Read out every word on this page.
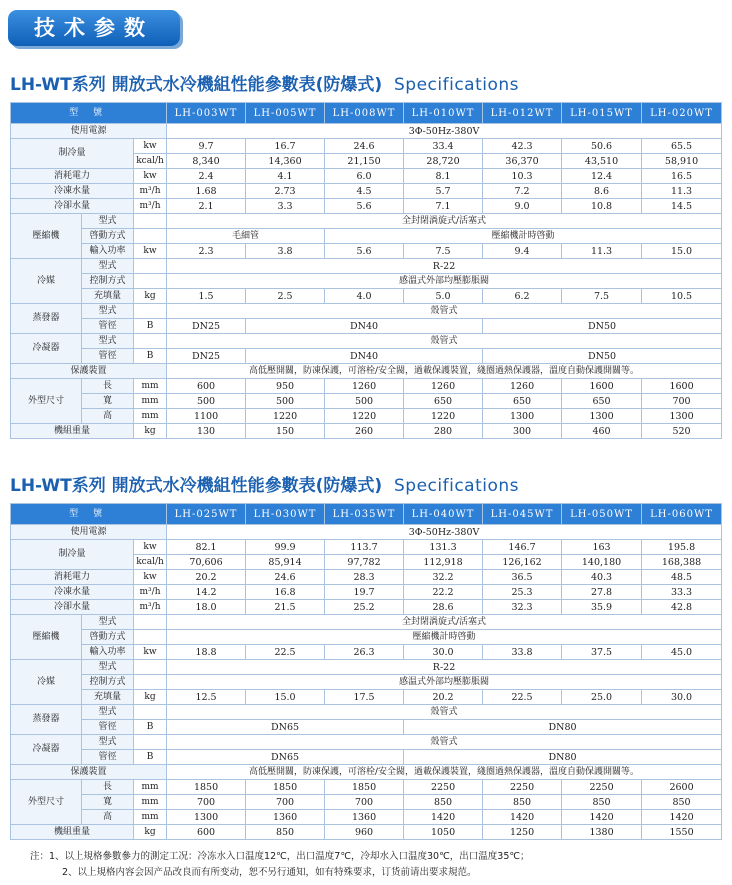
技术参数
LH-WT系列 開放式水冷機組性能參數表(防爆式) Specifications
型 號			LH-003WT	LH-005WT	LH-008WT	LH-010WT	LH-012WT	LH-015WT	LH-020WT
使用電源			3Φ-50Hz-380V						
制冷量		kw	9.7	16.7	24.6	33.4	42.3	50.6	65.5
		kcal/h	8,340	14,360	21,150	28,720	36,370	43,510	58,910
消耗電力		kw	2.4	4.1	6.0	8.1	10.3	12.4	16.5
冷凍水量		m³/h	1.68	2.73	4.5	5.7	7.2	8.6	11.3
冷卻水量		m³/h	2.1	3.3	5.6	7.1	9.0	10.8	14.5
壓縮機	型式		全封閉渦旋式/活塞式						
	啓動方式		毛細管		壓縮機計時啓動				
	輸入功率	kw	2.3	3.8	5.6	7.5	9.4	11.3	15.0
冷媒	型式		R-22						
	控制方式		感溫式外部均壓膨脹閥						
	充填量	kg	1.5	2.5	4.0	5.0	6.2	7.5	10.5
蒸發器	型式		殼管式						
	管徑	B	DN25	DN40			DN50		
冷凝器	型式		殼管式						
	管徑	B	DN25	DN40			DN50		
保護裝置			高低壓開關，防凍保護，可溶栓/安全閥，過載保護裝置，綫圈過熱保護器，溫度自動保護開關等。						
外型尺寸	長	mm	600	950	1260	1260	1260	1600	1600
	寬	mm	500	500	500	650	650	650	700
	高	mm	1100	1220	1220	1220	1300	1300	1300
機組重量		kg	130	150	260	280	300	460	520
LH-WT系列 開放式水冷機組性能參數表(防爆式) Specifications
型 號			LH-025WT	LH-030WT	LH-035WT	LH-040WT	LH-045WT	LH-050WT	LH-060WT
使用電源			3Φ-50Hz-380V						
制冷量		kw	82.1	99.9	113.7	131.3	146.7	163	195.8
		kcal/h	70,606	85,914	97,782	112,918	126,162	140,180	168,388
消耗電力		kw	20.2	24.6	28.3	32.2	36.5	40.3	48.5
冷凍水量		m³/h	14.2	16.8	19.7	22.2	25.3	27.8	33.3
冷卻水量		m³/h	18.0	21.5	25.2	28.6	32.3	35.9	42.8
壓縮機	型式		全封閉渦旋式/活塞式						
	啓動方式		壓縮機計時啓動						
	輸入功率	kw	18.8	22.5	26.3	30.0	33.8	37.5	45.0
冷媒	型式		R-22						
	控制方式		感温式外部均壓膨脹閥						
	充填量	kg	12.5	15.0	17.5	20.2	22.5	25.0	30.0
蒸發器	型式		殼管式						
	管徑	B	DN65			DN80			
冷凝器	型式		殼管式						
	管徑	B	DN65			DN80			
保護裝置			高低壓開關，防凍保護，可溶栓/安全閥，過載保護裝置，綫圈過熱保護器，溫度自動保護開關等。						
外型尺寸	長	mm	1850	1850	1850	2250	2250	2250	2600
	寬	mm	700	700	700	850	850	850	850
	高	mm	1300	1360	1360	1420	1420	1420	1420
機組重量		kg	600	850	960	1050	1250	1380	1550
注：1、以上規格參數參力的測定工况：冷冻水入口温度12℃，出口温度7℃，冷却水入口温度30℃，出口温度35℃；
2、以上規格内容会因产品改良而有所变动，恕不另行通知，如有特殊要求，订货前请出要求規范。
